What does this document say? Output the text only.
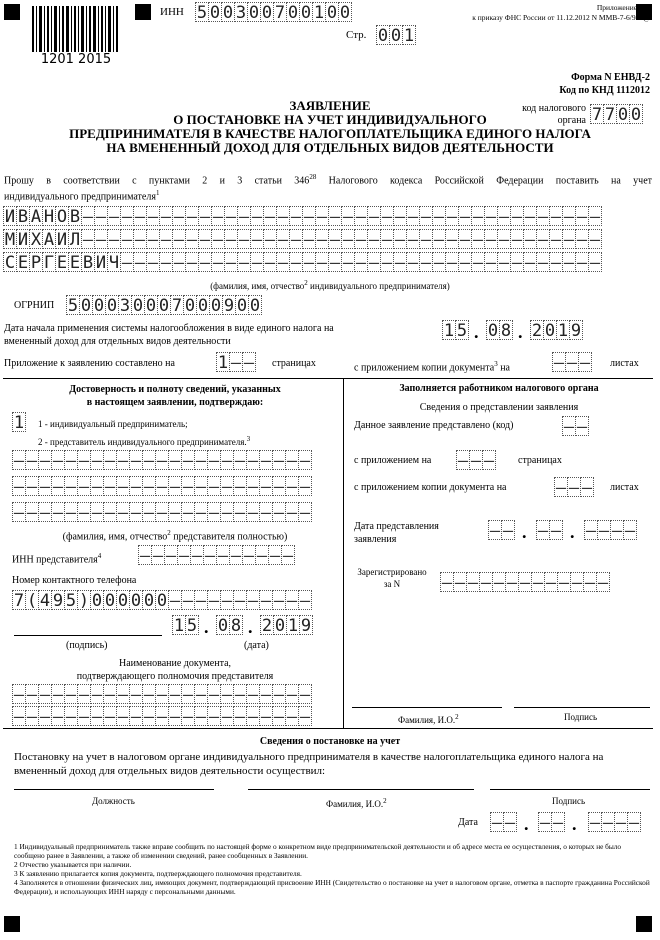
1201 2015
ИНН 5 0 0 3 0 0 7 0 0 1 0 0
Стр. 0 0 1
Приложение N 2
к приказу ФНС России от 11.12.2012 N ММВ-7-6/941@
Форма N ЕНВД-2
Код по КНД 1112012
код налогового
органа 7 7 0 0
ЗАЯВЛЕНИЕ
О ПОСТАНОВКЕ НА УЧЕТ ИНДИВИДУАЛЬНОГО
ПРЕДПРИНИМАТЕЛЯ В КАЧЕСТВЕ НАЛОГОПЛАТЕЛЬЩИКА ЕДИНОГО НАЛОГА
НА ВМЕНЕННЫЙ ДОХОД ДЛЯ ОТДЕЛЬНЫХ ВИДОВ ДЕЯТЕЛЬНОСТИ
Прошу в соответствии с пунктами 2 и 3 статьи $346^{28}$ Налогового кодекса Российской Федерации поставить на учет
индивидуального предпринимателя$^1$
И В А Н О В – – – – – – – – – – – – – – – – – – – – – – – – – – – – – – – – – – – – – – – –
М И Х А И Л – – – – – – – – – – – – – – – – – – – – – – – – – – – – – – – – – – – – – – – –
С Е Р Г Е Е В И Ч – – – – – – – – – – – – – – – – – – – – – – – – – – – – – – – – – – – – –
(фамилия, имя, отчество$^2$ индивидуального предпринимателя)
ОГРНИП 5 0 0 0 3 0 0 0 7 0 0 0 9 0 0
Дата начала применения системы налогообложения в виде единого налога на
вмененный доход для отдельных видов деятельности
1 5 . 0 8 . 2 0 1 9
Приложение к заявлению составлено на	1 – – страницах	с приложением копии документа$^3$ на	– – – листах
Достоверность и полноту сведений, указанных
в настоящем заявлении, подтверждаю:
1 1 - индивидуальный предприниматель;
2 - представитель индивидуального предпринимателя.$^3$
– – – – – – – – – – – – – – – – – – – – – – –
– – – – – – – – – – – – – – – – – – – – – – –
– – – – – – – – – – – – – – – – – – – – – – –
(фамилия, имя, отчество$^2$ представителя полностью)
ИНН представителя$^4$ – – – – – – – – – – – –
Номер контактного телефона
7 ( 4 9 5 ) 0 0 0 0 0 0 – – – – – – – – – – –
1 5 . 0 8 . 2 0 1 9
(подпись)	(дата)
Наименование документа,
подтверждающего полномочия представителя
– – – – – – – – – – – – – – – – – – – – – – –
– – – – – – – – – – – – – – – – – – – – – – –
Заполняется работником налогового органа
Сведения о представлении заявления
Данное заявление представлено (код)	– –
с приложением на – – – страницах
с приложением копии документа на	– – – листах
Дата представления
заявления	– – . – – . – – – –
Зарегистрировано
за N	– – – – – – – – – – – – –
Фамилия, И.О.$^2$	Подпись
Сведения о постановке на учет
Постановку на учет в налоговом органе индивидуального предпринимателя в качестве налогоплательщика единого налога на
вмененный доход для отдельных видов деятельности осуществил:
Должность	Фамилия, И.О.$^2$	Подпись
Дата – – . – – . – – – –
1 Индивидуальный предприниматель также вправе сообщить по настоящей форме о конкретном виде предпринимательской деятельности и об адресе места ее осуществления, о которых не было сообщено ранее в Заявлении, а также об изменении сведений, ранее сообщенных в Заявлении.
2 Отчество указывается при наличии.
3 К заявлению прилагается копия документа, подтверждающего полномочия представителя.
4 Заполняется в отношении физических лиц, имеющих документ, подтверждающий присвоение ИНН (Свидетельство о постановке на учет в налоговом органе, отметка в паспорте гражданина Российской Федерации), и использующих ИНН наряду с персональными данными.
